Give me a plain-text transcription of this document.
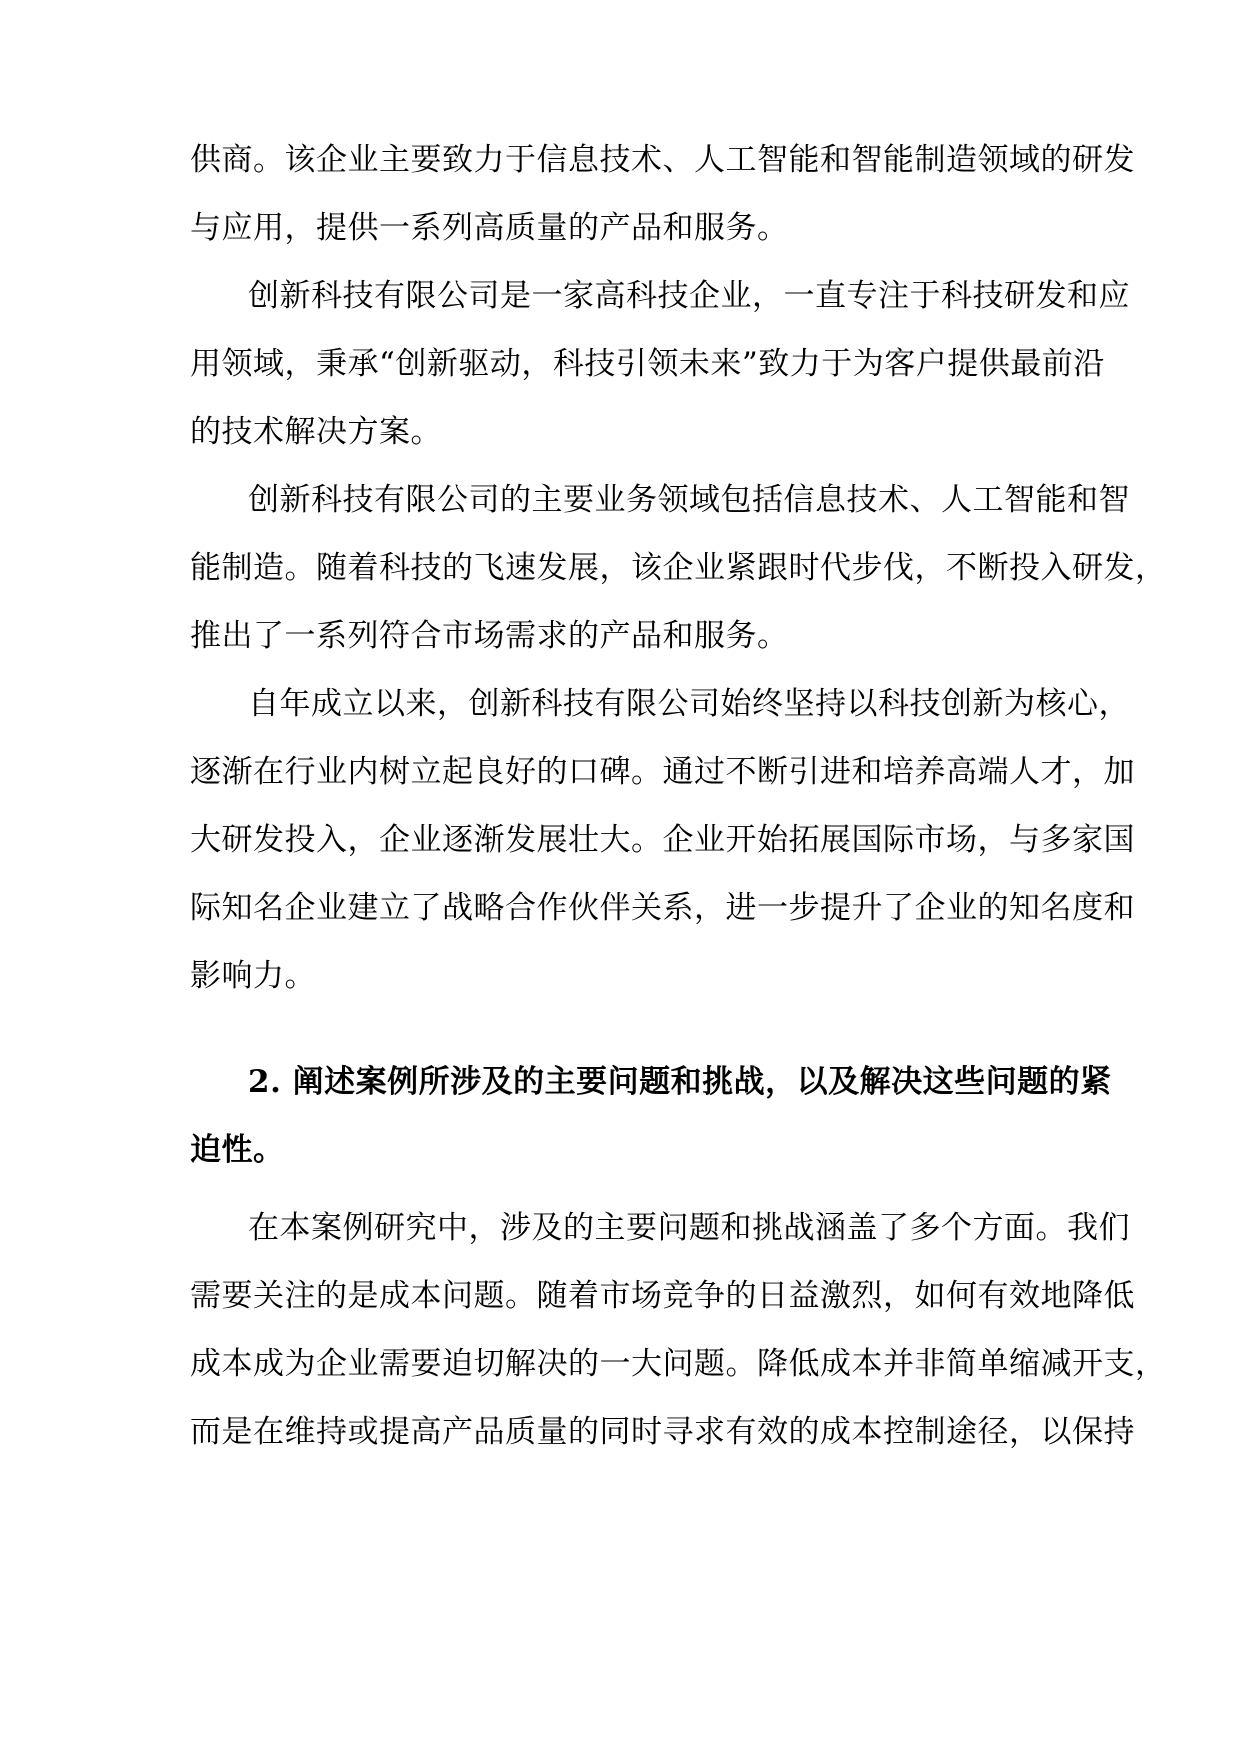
供商。该企业主要致力于信息技术、人工智能和智能制造领域的研发
与应用，提供一系列高质量的产品和服务。
创新科技有限公司是一家高科技企业，一直专注于科技研发和应
用领域，秉承“创新驱动，科技引领未来”致力于为客户提供最前沿
的技术解决方案。
创新科技有限公司的主要业务领域包括信息技术、人工智能和智
能制造。随着科技的飞速发展，该企业紧跟时代步伐，不断投入研发，
推出了一系列符合市场需求的产品和服务。
自年成立以来，创新科技有限公司始终坚持以科技创新为核心，
逐渐在行业内树立起良好的口碑。通过不断引进和培养高端人才，加
大研发投入，企业逐渐发展壮大。企业开始拓展国际市场，与多家国
际知名企业建立了战略合作伙伴关系，进一步提升了企业的知名度和
影响力。
2. 阐述案例所涉及的主要问题和挑战，以及解决这些问题的紧
迫性。
在本案例研究中，涉及的主要问题和挑战涵盖了多个方面。我们
需要关注的是成本问题。随着市场竞争的日益激烈，如何有效地降低
成本成为企业需要迫切解决的一大问题。降低成本并非简单缩减开支，
而是在维持或提高产品质量的同时寻求有效的成本控制途径，以保持
